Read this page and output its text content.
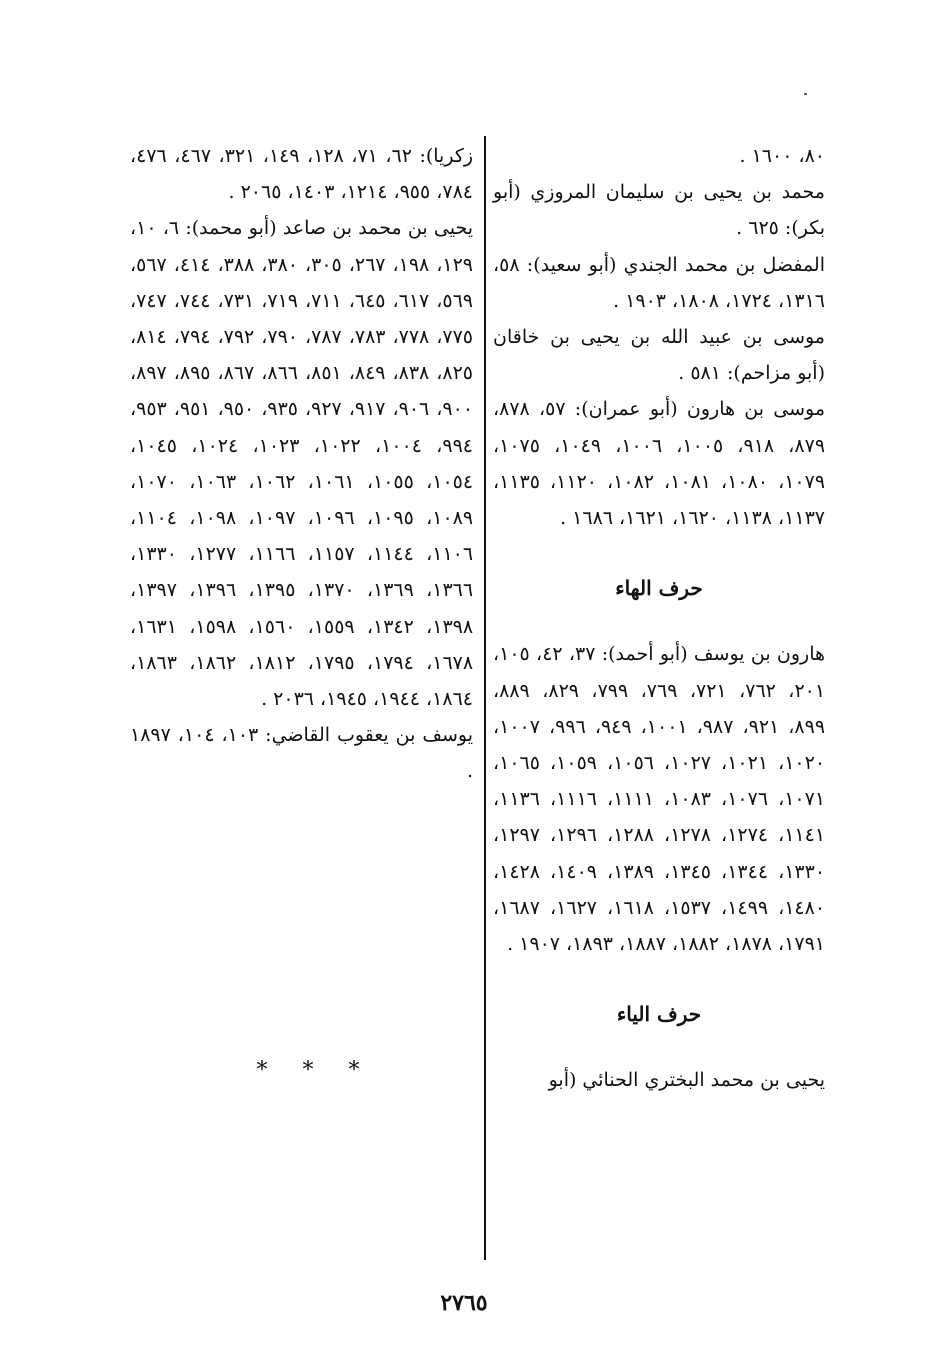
٨٠، ١٦٠٠ .

محمد بن يحيى بن سليمان المروزي (أبو بكر): ٦٢٥ .

المفضل بن محمد الجندي (أبو سعيد): ٥٨، ١٣١٦، ١٧٢٤، ١٨٠٨، ١٩٠٣ .

موسى بن عبيد الله بن يحيى بن خاقان (أبو مزاحم): ٥٨١ .

موسى بن هارون (أبو عمران): ٥٧، ٨٧٨، ٨٧٩، ٩١٨، ١٠٠٥، ١٠٠٦، ١٠٤٩، ١٠٧٥، ١٠٧٩، ١٠٨٠، ١٠٨١، ١٠٨٢، ١١٢٠، ١١٣٥، ١١٣٧، ١١٣٨، ١٦٢٠، ١٦٢١، ١٦٨٦ .

حرف الهاء

هارون بن يوسف (أبو أحمد): ٣٧، ٤٢، ١٠٥، ٢٠١، ٧٦٢، ٧٢١، ٧٦٩، ٧٩٩، ٨٢٩، ٨٨٩، ٨٩٩، ٩٢١، ٩٨٧، ١٠٠١، ٩٤٩، ٩٩٦، ١٠٠٧، ١٠٢٠، ١٠٢١، ١٠٢٧، ١٠٥٦، ١٠٥٩، ١٠٦٥، ١٠٧١، ١٠٧٦، ١٠٨٣، ١١١١، ١١١٦، ١١٣٦، ١١٤١، ١٢٧٤، ١٢٧٨، ١٢٨٨، ١٢٩٦، ١٢٩٧، ١٣٣٠، ١٣٤٤، ١٣٤٥، ١٣٨٩، ١٤٠٩، ١٤٢٨، ١٤٨٠، ١٤٩٩، ١٥٣٧، ١٦١٨، ١٦٢٧، ١٦٨٧، ١٧٩١، ١٨٧٨، ١٨٨٢، ١٨٨٧، ١٨٩٣، ١٩٠٧ .

حرف الياء

يحيى بن محمد البختري الحنائي (أبو

زكريا): ٦٢، ٧١، ١٢٨، ١٤٩، ٣٢١، ٤٦٧، ٤٧٦، ٧٨٤، ٩٥٥، ١٢١٤، ١٤٠٣، ٢٠٦٥ .

يحيى بن محمد بن صاعد (أبو محمد): ٦، ١٠، ١٢٩، ١٩٨، ٢٦٧، ٣٠٥، ٣٨٠، ٣٨٨، ٤١٤، ٥٦٧، ٥٦٩، ٦١٧، ٦٤٥، ٧١١، ٧١٩، ٧٣١، ٧٤٤، ٧٤٧، ٧٧٥، ٧٧٨، ٧٨٣، ٧٨٧، ٧٩٠، ٧٩٢، ٧٩٤، ٨١٤، ٨٢٥، ٨٣٨، ٨٤٩، ٨٥١، ٨٦٦، ٨٦٧، ٨٩٥، ٨٩٧، ٩٠٠، ٩٠٦، ٩١٧، ٩٢٧، ٩٣٥، ٩٥٠، ٩٥١، ٩٥٣، ٩٩٤، ١٠٠٤، ١٠٢٢، ١٠٢٣، ١٠٢٤، ١٠٤٥، ١٠٥٤، ١٠٥٥، ١٠٦١، ١٠٦٢، ١٠٦٣، ١٠٧٠، ١٠٨٩، ١٠٩٥، ١٠٩٦، ١٠٩٧، ١٠٩٨، ١١٠٤، ١١٠٦، ١١٤٤، ١١٥٧، ١١٦٦، ١٢٧٧، ١٣٣٠، ١٣٦٦، ١٣٦٩، ١٣٧٠، ١٣٩٥، ١٣٩٦، ١٣٩٧، ١٣٩٨، ١٣٤٢، ١٥٥٩، ١٥٦٠، ١٥٩٨، ١٦٣١، ١٦٧٨، ١٧٩٤، ١٧٩٥، ١٨١٢، ١٨٦٢، ١٨٦٣، ١٨٦٤، ١٩٤٤، ١٩٤٥، ٢٠٣٦ .

يوسف بن يعقوب القاضي: ١٠٣، ١٠٤، ١٨٩٧ .

* * *
٢٧٦٥
